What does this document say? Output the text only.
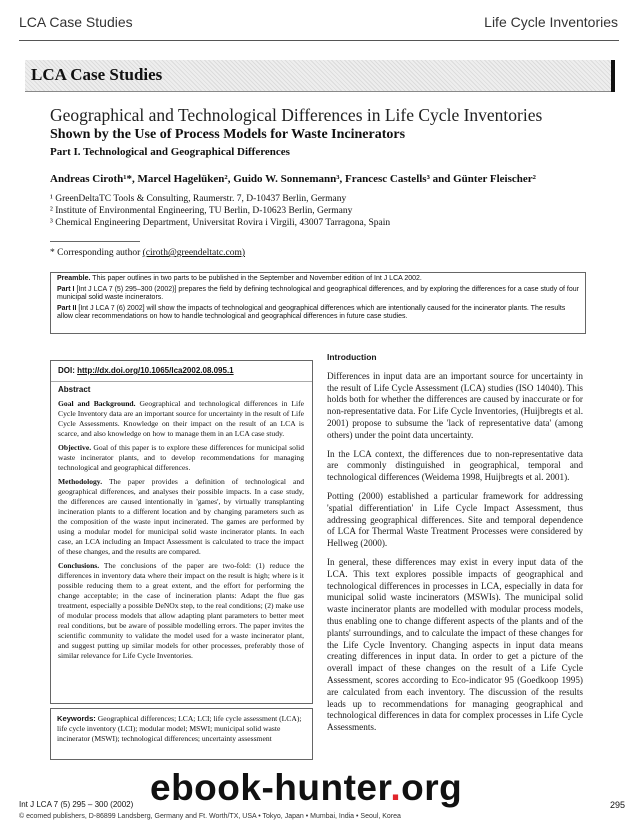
LCA Case Studies	Life Cycle Inventories
LCA Case Studies
Geographical and Technological Differences in Life Cycle Inventories
Shown by the Use of Process Models for Waste Incinerators
Part I. Technological and Geographical Differences
Andreas Ciroth¹*, Marcel Hagelüken², Guido W. Sonnemann³, Francesc Castells³ and Günter Fleischer²
¹ GreenDeltaTC Tools & Consulting, Raumerstr. 7, D-10437 Berlin, Germany
² Institute of Environmental Engineering, TU Berlin, D-10623 Berlin, Germany
³ Chemical Engineering Department, Universitat Rovira i Virgili, 43007 Tarragona, Spain
* Corresponding author (ciroth@greendeltatc.com)

Preamble. This paper outlines in two parts to be published in the September and November edition of Int J LCA 2002.

Part I [Int J LCA 7 (5) 295–300 (2002)] prepares the field by defining technological and geographical differences, and by exploring the differences for a case study of four municipal solid waste incinerators.

Part II [Int J LCA 7 (6) 2002] will show the impacts of technological and geographical differences which are intentionally caused for the incinerator plants. The results allow clear recommendations on how to handle technological and geographical differences in future case studies.

DOI: http://dx.doi.org/10.1065/lca2002.08.095.1
Abstract

Goal and Background. Geographical and technological differences in Life Cycle Inventory data are an important source for uncertainty in the result of Life Cycle Assessments. Knowledge on their impact on the result of an LCA is scarce, and also knowledge on how to manage them in an LCA case study.

Objective. Goal of this paper is to explore these differences for municipal solid waste incinerator plants, and to develop recommendations for managing technological and geographical differences.

Methodology. The paper provides a definition of technological and geographical differences, and analyses their possible impacts. In a case study, the differences are caused intentionally in 'games', by virtually transplanting incineration plants to a different location and by changing parameters such as the composition of the waste input incinerated. The games are performed by using a modular model for municipal solid waste incinerator plants. In each case, an LCA including an Impact Assessment is calculated to trace the impact of these changes, and the results are compared.

Conclusions. The conclusions of the paper are two-fold: (1) reduce the differences in inventory data where their impact on the result is high; where is it possible reducing them to a great extent, and the effort for performing the change acceptable; in the case of incineration plants: Adapt the flue gas treatment, especially a possible DeNOx step, to the real conditions; (2) make use of modular process models that allow adapting plant parameters to better meet real conditions, but be aware of possible modelling errors. The paper invites the scientific community to validate the model used for a waste incinerator plant, and suggest putting up similar models for other processes, preferably those of similar relevance for Life Cycle Inventories.

Keywords: Geographical differences; LCA; LCI; life cycle assessment (LCA); life cycle inventory (LCI); modular model; MSWI; municipal solid waste incinerator (MSWI); technological differences; uncertainty assessment
Introduction

Differences in input data are an important source for uncertainty in the result of Life Cycle Assessment (LCA) studies (ISO 14040). This holds both for whether the differences are caused by inaccurate or for non-representative data. For Life Cycle Inventories, (Huijbregts et al. 2001) propose to subsume the 'lack of representative data' (among others) under the point data uncertainty.

In the LCA context, the differences due to non-representative data are commonly distinguished in geographical, temporal and technological differences (Weidema 1998, Huijbregts et al. 2001).

Potting (2000) established a particular framework for addressing 'spatial differentiation' in Life Cycle Impact Assessment, thus addressing geographical differences. Site and temporal dependence of LCA for Thermal Waste Treatment Processes were considered by Hellweg (2000).

In general, these differences may exist in every input data of the LCA. This text explores possible impacts of geographical and technological differences in processes in LCA, especially in data for municipal solid waste incinerators (MSWIs). The municipal solid waste incinerator plants are modelled with modular process models, thus enabling one to change different aspects of the plants and of the plants' surroundings, and to calculate the impact of these changes for the Life Cycle Inventory. Changing aspects in input data means creating differences in input data. In order to get a picture of the overall impact of these changes on the result of a Life Cycle Assessment, scores according to Eco-indicator 95 (Goedkoop 1995) are calculated from each inventory. The discussion of the results leads up to recommendations for managing geographical and technological differences in data for complex processes in Life Cycle Assessments.

ebook-hunter.org
Int J LCA 7 (5) 295 – 300 (2002)
© ecomed publishers, D-86899 Landsberg, Germany and Ft. Worth/TX, USA • Tokyo, Japan • Mumbai, India • Seoul, Korea
295
